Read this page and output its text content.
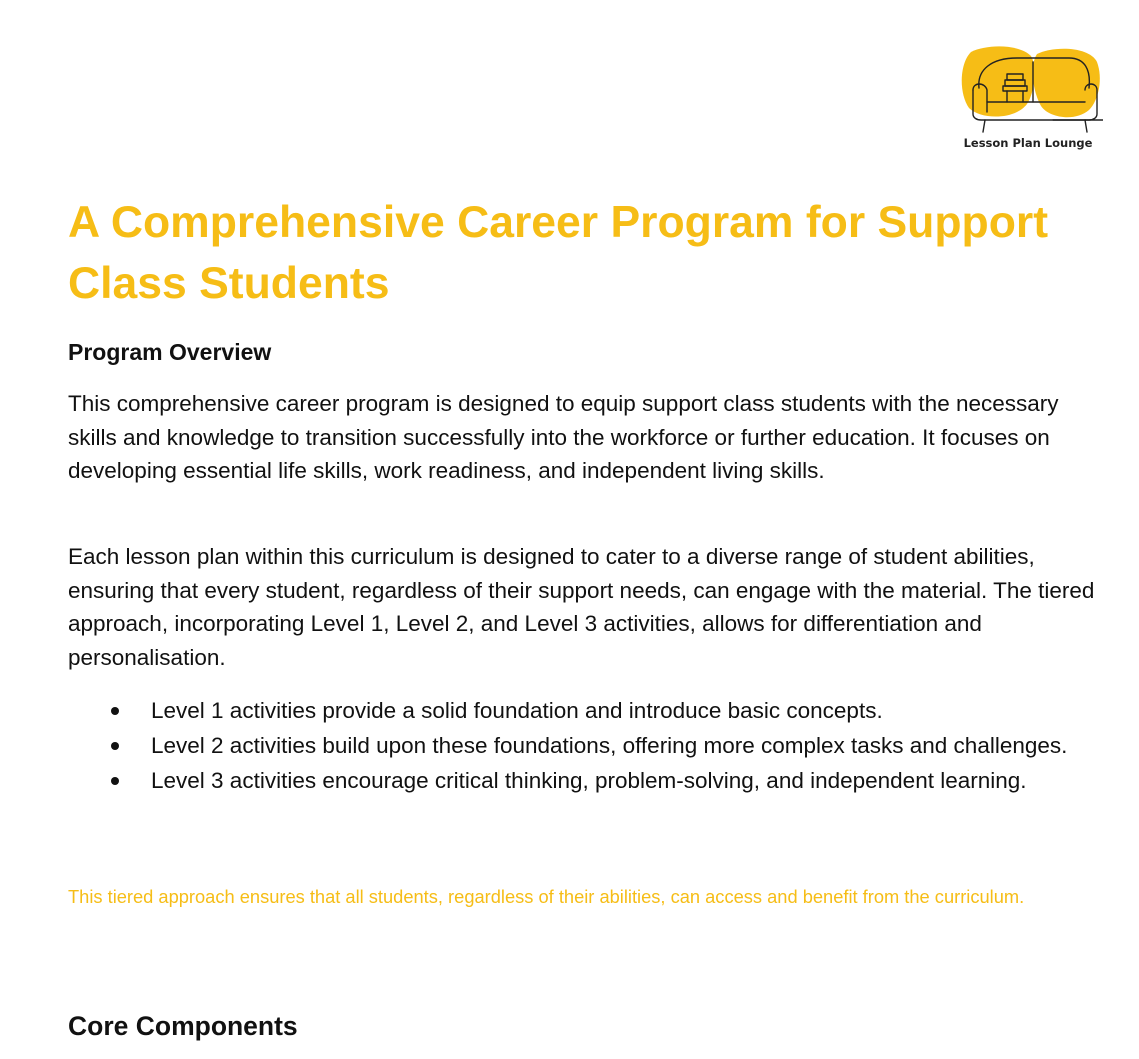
Lesson Plan Lounge
A Comprehensive Career Program for Support Class Students
Program Overview

This comprehensive career program is designed to equip support class students with the necessary skills and knowledge to transition successfully into the workforce or further education. It focuses on developing essential life skills, work readiness, and independent living skills.

Each lesson plan within this curriculum is designed to cater to a diverse range of student abilities, ensuring that every student, regardless of their support needs, can engage with the material. The tiered approach, incorporating Level 1, Level 2, and Level 3 activities, allows for differentiation and personalisation.

Level 1 activities provide a solid foundation and introduce basic concepts.
Level 2 activities build upon these foundations, offering more complex tasks and challenges.
Level 3 activities encourage critical thinking, problem-solving, and independent learning.

This tiered approach ensures that all students, regardless of their abilities, can access and benefit from the curriculum.

Core Components
